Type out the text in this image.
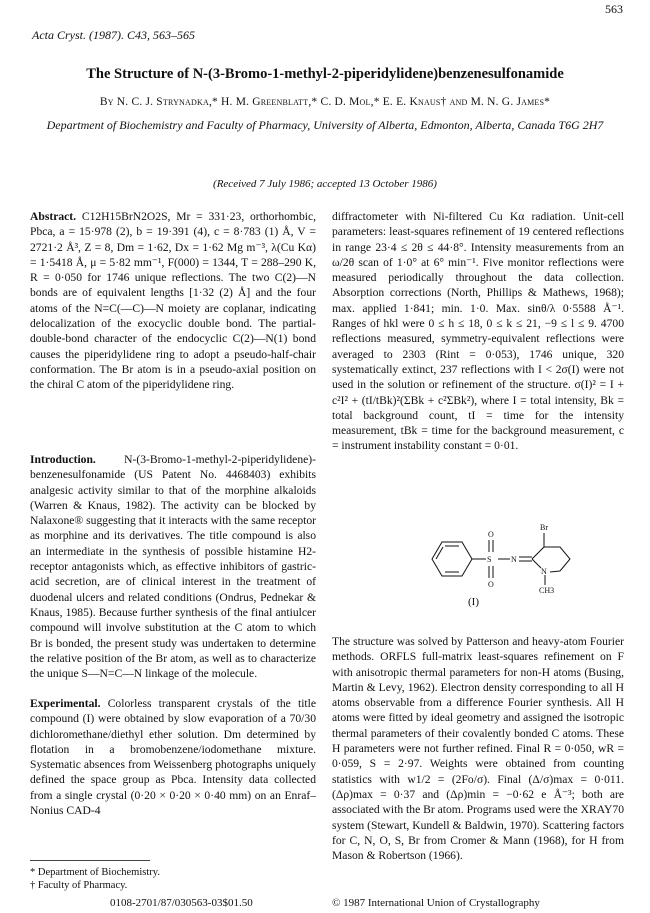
563
Acta Cryst. (1987). C43, 563–565
The Structure of N-(3-Bromo-1-methyl-2-piperidylidene)benzenesulfonamide
By N. C. J. Strynadka,* H. M. Greenblatt,* C. D. Mol,* E. E. Knaus† and M. N. G. James*
Department of Biochemistry and Faculty of Pharmacy, University of Alberta, Edmonton, Alberta, Canada T6G 2H7
(Received 7 July 1986; accepted 13 October 1986)

Abstract. C12H15BrN2O2S, Mr = 331·23, orthorhombic, Pbca, a = 15·978 (2), b = 19·391 (4), c = 8·783 (1) Å, V = 2721·2 Å³, Z = 8, Dm = 1·62, Dx = 1·62 Mg m⁻³, λ(Cu Kα) = 1·5418 Å, μ = 5·82 mm⁻¹, F(000) = 1344, T = 288–290 K, R = 0·050 for 1746 unique reflections. The two C(2)—N bonds are of equivalent lengths [1·32 (2) Å] and the four atoms of the N=C(—C)—N moiety are coplanar, indicating delocalization of the exocyclic double bond. The partial-double-bond character of the endocyclic C(2)—N(1) bond causes the piperidylidene ring to adopt a pseudo-half-chair conformation. The Br atom is in a pseudo-axial position on the chiral C atom of the piperidylidene ring.

Introduction. N-(3-Bromo-1-methyl-2-piperidylidene)-benzenesulfonamide (US Patent No. 4468403) exhibits analgesic activity similar to that of the morphine alkaloids (Warren & Knaus, 1982). The activity can be blocked by Nalaxone® suggesting that it interacts with the same receptor as morphine and its derivatives. The title compound is also an intermediate in the synthesis of possible histamine H2-receptor antagonists which, as effective inhibitors of gastric-acid secretion, are of clinical interest in the treatment of duodenal ulcers and related conditions (Ondrus, Pednekar & Knaus, 1985). Because further synthesis of the final antiulcer compound will involve substitution at the C atom to which Br is bonded, the present study was undertaken to determine the relative position of the Br atom, as well as to characterize the unique S—N=C—N linkage of the molecule.

Experimental. Colorless transparent crystals of the title compound (I) were obtained by slow evaporation of a 70/30 dichloromethane/diethyl ether solution. Dm determined by flotation in a bromobenzene/iodomethane mixture. Systematic absences from Weissenberg photographs uniquely defined the space group as Pbca. Intensity data collected from a single crystal (0·20 × 0·20 × 0·40 mm) on an Enraf–Nonius CAD-4

* Department of Biochemistry.
† Faculty of Pharmacy.
diffractometer with Ni-filtered Cu Kα radiation. Unit-cell parameters: least-squares refinement of 19 centered reflections in range 23·4 ≤ 2θ ≤ 44·8°. Intensity measurements from an ω/2θ scan of 1·0° at 6° min⁻¹. Five monitor reflections were measured periodically throughout the data collection. Absorption corrections (North, Phillips & Mathews, 1968); max. applied 1·841; min. 1·0. Max. sinθ/λ 0·5588 Å⁻¹. Ranges of hkl were 0 ≤ h ≤ 18, 0 ≤ k ≤ 21, −9 ≤ l ≤ 9. 4700 reflections measured, symmetry-equivalent reflections were averaged to 2303 (Rint = 0·053), 1746 unique, 320 systematically extinct, 237 reflections with I < 2σ(I) were not used in the solution or refinement of the structure. σ(I)² = I + c²I² + (tI/tBk)²(ΣBk + c²ΣBk²), where I = total intensity, Bk = total background count, tI = time for the intensity measurement, tBk = time for the background measurement, c = instrument instability constant = 0·01.
O
S
O
N
Br
N
CH3
(I)
The structure was solved by Patterson and heavy-atom Fourier methods. ORFLS full-matrix least-squares refinement on F with anisotropic thermal parameters for non-H atoms (Busing, Martin & Levy, 1962). Electron density corresponding to all H atoms observable from a difference Fourier synthesis. All H atoms were fitted by ideal geometry and assigned the isotropic thermal parameters of their covalently bonded C atoms. These H parameters were not further refined. Final R = 0·050, wR = 0·059, S = 2·97. Weights were obtained from counting statistics with w1/2 = (2Fo/σ). Final (Δ/σ)max = 0·011. (Δρ)max = 0·37 and (Δρ)min = −0·62 e Å⁻³; both are associated with the Br atom. Programs used were the XRAY70 system (Stewart, Kundell & Baldwin, 1970). Scattering factors for C, N, O, S, Br from Cromer & Mann (1968), for H from Mason & Robertson (1966).
0108-2701/87/030563-03$01.50	© 1987 International Union of Crystallography
